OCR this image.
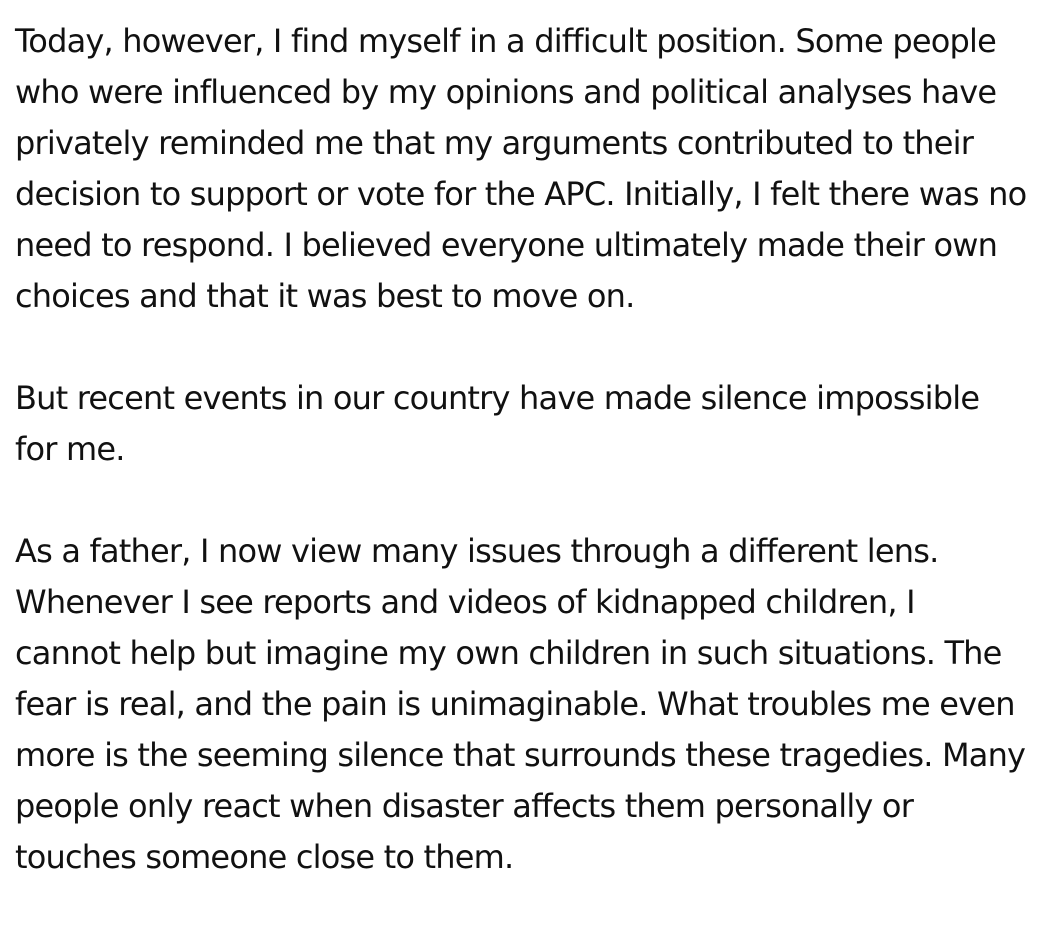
Today, however, I find myself in a difficult position. Some people who were influenced by my opinions and political analyses have privately reminded me that my arguments contributed to their decision to support or vote for the APC. Initially, I felt there was no need to respond. I believed everyone ultimately made their own choices and that it was best to move on.

But recent events in our country have made silence impossible for me.

As a father, I now view many issues through a different lens. Whenever I see reports and videos of kidnapped children, I cannot help but imagine my own children in such situations. The fear is real, and the pain is unimaginable. What troubles me even more is the seeming silence that surrounds these tragedies. Many people only react when disaster affects them personally or touches someone close to them.
